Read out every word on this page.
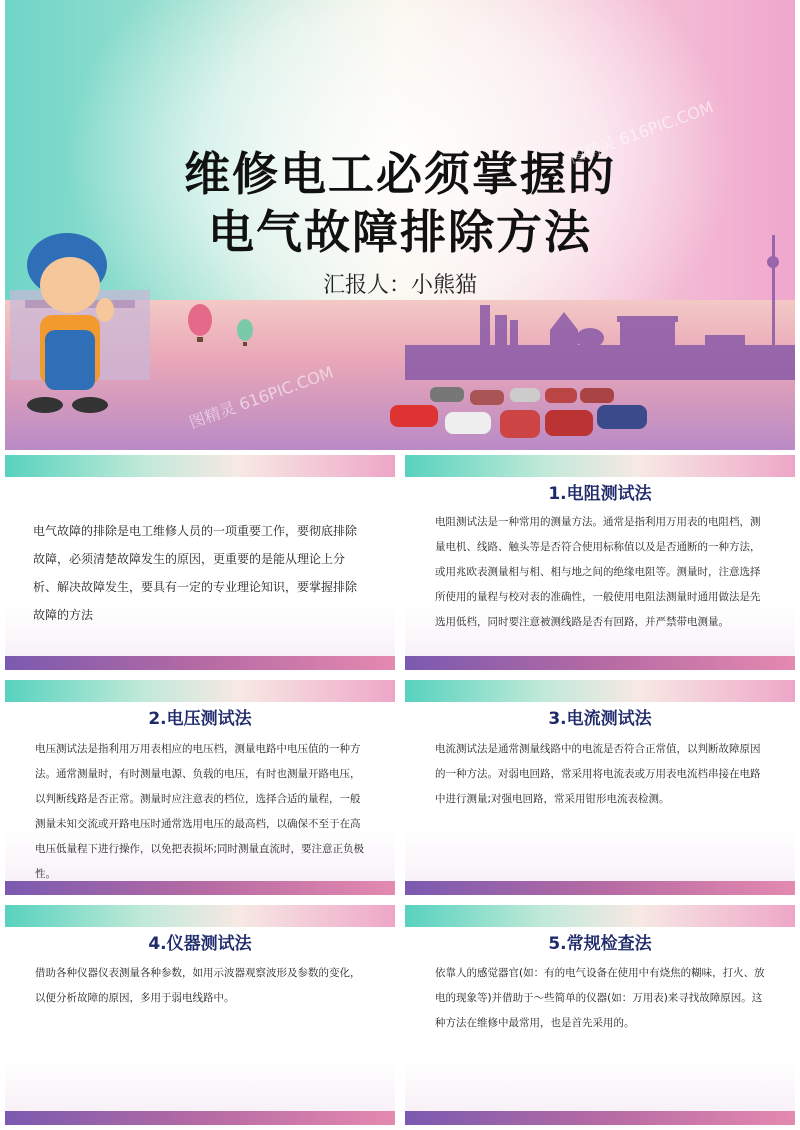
维修电工必须掌握的
电气故障排除方法
汇报人：小熊猫
图精灵 616PIC.COM
图精灵 616PIC.COM
电气故障的排除是电工维修人员的一项重要工作，要彻底排除故障，必须清楚故障发生的原因，更重要的是能从理论上分析、解决故障发生，要具有一定的专业理论知识，要掌握排除故障的方法
1.电阻测试法
电阻测试法是一种常用的测量方法。通常是指利用万用表的电阻档，测量电机、线路、触头等是否符合使用标称值以及是否通断的一种方法，或用兆欧表测量相与相、相与地之间的绝缘电阻等。测量时，注意选择所使用的量程与校对表的准确性，一般使用电阻法测量时通用做法是先选用低档，同时要注意被测线路是否有回路，并严禁带电测量。
2.电压测试法
电压测试法是指利用万用表相应的电压档，测量电路中电压值的一种方法。通常测量时，有时测量电源、负载的电压，有时也测量开路电压，以判断线路是否正常。测量时应注意表的档位，选择合适的量程，一般测量未知交流或开路电压时通常选用电压的最高档，以确保不至于在高电压低量程下进行操作，以免把表损坏;同时测量直流时，要注意正负极性。
3.电流测试法
电流测试法是通常测量线路中的电流是否符合正常值，以判断故障原因的一种方法。对弱电回路，常采用将电流表或万用表电流档串接在电路中进行测量;对强电回路，常采用钳形电流表检测。
4.仪器测试法
借助各种仪器仪表测量各种参数，如用示波器观察波形及参数的变化，以便分析故障的原因，多用于弱电线路中。
5.常规检查法
依靠人的感觉器官(如：有的电气设备在使用中有烧焦的糊味，打火、放电的现象等)并借助于～些简单的仪器(如：万用表)来寻找故障原因。这种方法在维修中最常用，也是首先采用的。
